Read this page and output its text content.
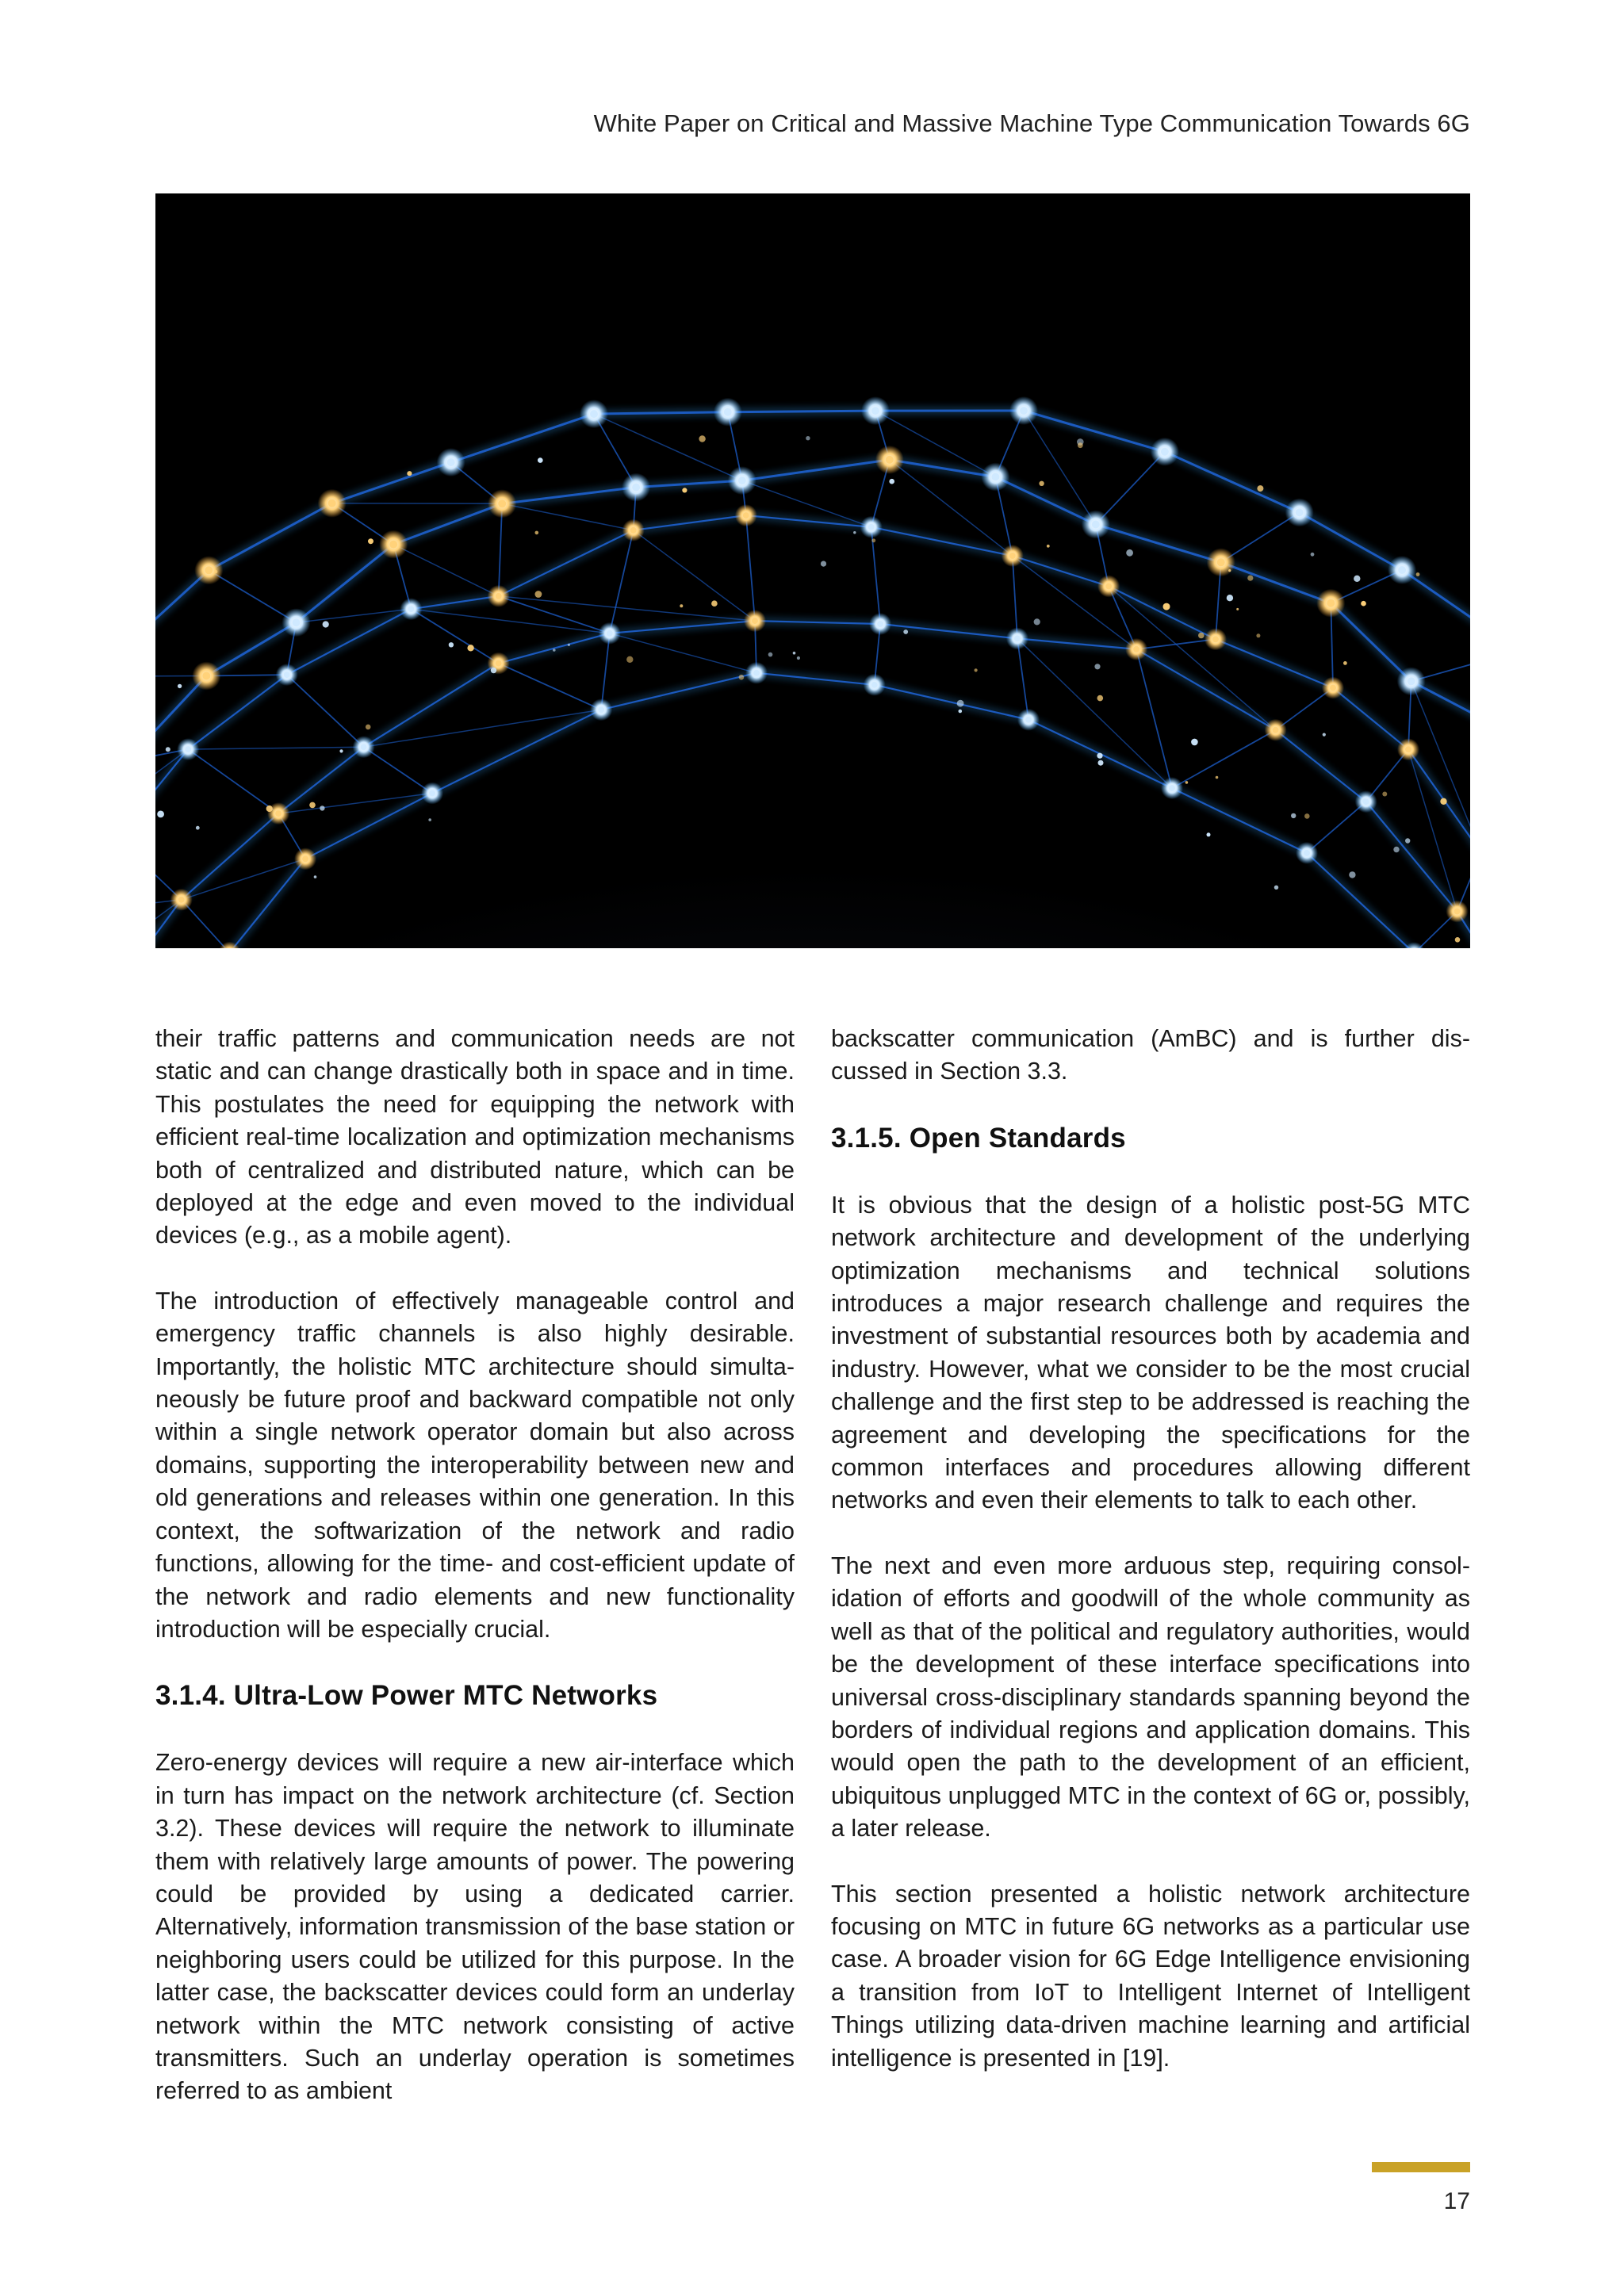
White Paper on Critical and Massive Machine Type Communication Towards 6G

their traffic patterns and communication needs are not static and can change drastically both in space and in time. This postulates the need for equipping the network with efficient real-time localization and optimization mechanisms both of centralized and distributed nature, which can be deployed at the edge and even moved to the individual devices (e.g., as a mobile agent).

The introduction of effectively manageable control and emergency traffic channels is also highly desirable. Importantly, the holistic MTC architecture should simultaneously be future proof and backward compatible not only within a single network operator domain but also across domains, supporting the interoperability between new and old generations and releases within one generation. In this context, the softwarization of the network and radio functions, allowing for the time- and cost-efficient update of the network and radio elements and new functionality introduction will be especially crucial.

3.1.4. Ultra-Low Power MTC Networks

Zero-energy devices will require a new air-interface which in turn has impact on the network architecture (cf. Section 3.2). These devices will require the network to illuminate them with relatively large amounts of power. The powering could be provided by using a dedicated carrier. Alternatively, information transmission of the base station or neighboring users could be utilized for this purpose. In the latter case, the backscatter devices could form an underlay network within the MTC network consisting of active transmitters. Such an underlay operation is sometimes referred to as ambient

backscatter communication (AmBC) and is further discussed in Section 3.3.

3.1.5. Open Standards

It is obvious that the design of a holistic post-5G MTC network architecture and development of the underlying optimization mechanisms and technical solutions introduces a major research challenge and requires the investment of substantial resources both by academia and industry. However, what we consider to be the most crucial challenge and the first step to be addressed is reaching the agreement and developing the specifications for the common interfaces and procedures allowing different networks and even their elements to talk to each other.

The next and even more arduous step, requiring consolidation of efforts and goodwill of the whole community as well as that of the political and regulatory authorities, would be the development of these interface specifications into universal cross-disciplinary standards spanning beyond the borders of individual regions and application domains. This would open the path to the development of an efficient, ubiquitous unplugged MTC in the context of 6G or, possibly, a later release.

This section presented a holistic network architecture focusing on MTC in future 6G networks as a particular use case. A broader vision for 6G Edge Intelligence envisioning a transition from IoT to Intelligent Internet of Intelligent Things utilizing data-driven machine learning and artificial intelligence is presented in [19].

17
